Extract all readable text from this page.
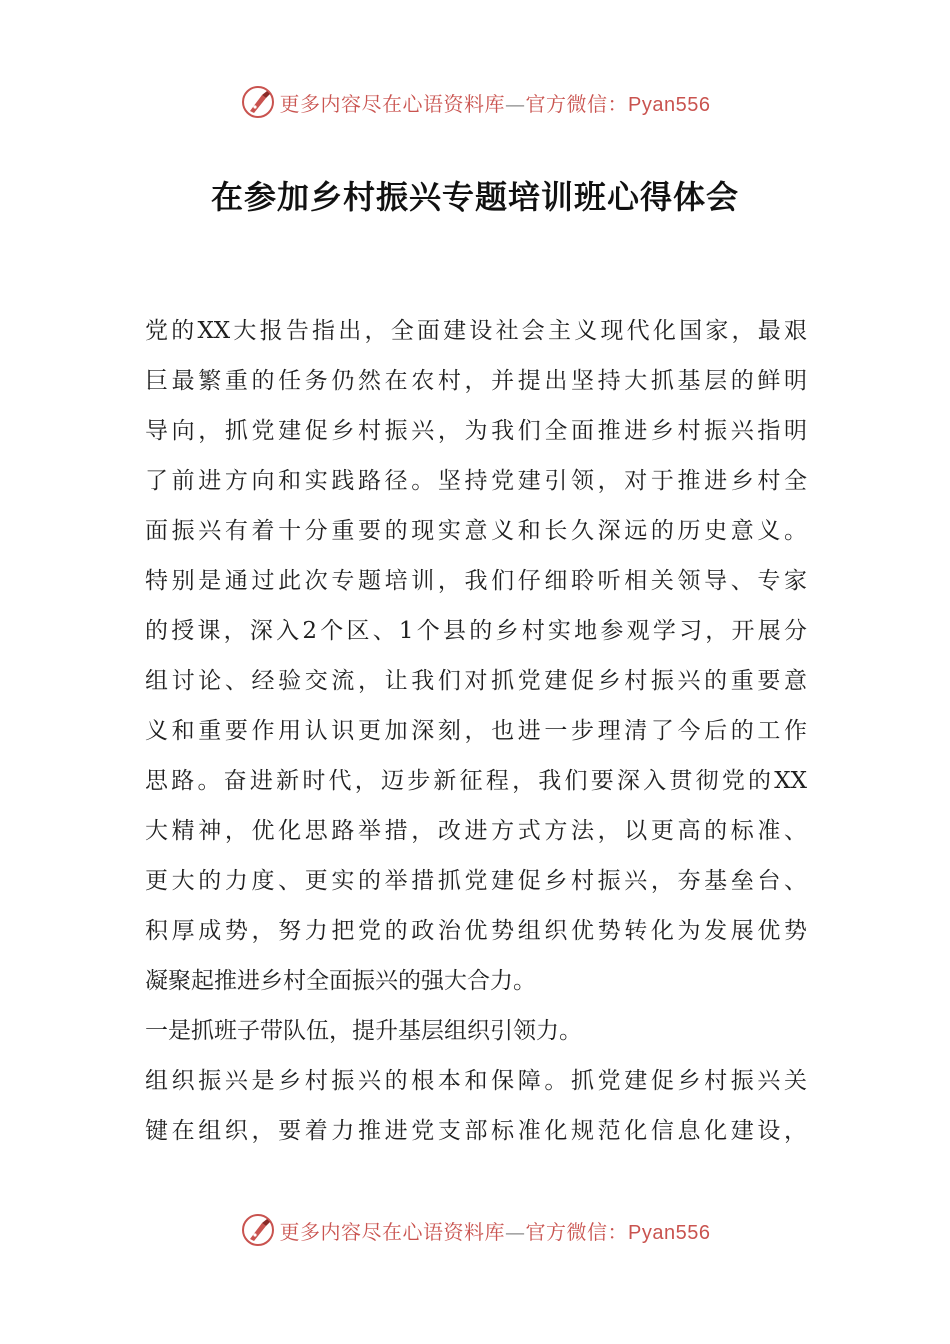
更多内容尽在心语资料库—官方微信：Pyan556
在参加乡村振兴专题培训班心得体会
党的XX大报告指出，全面建设社会主义现代化国家，最艰
巨最繁重的任务仍然在农村，并提出坚持大抓基层的鲜明
导向，抓党建促乡村振兴，为我们全面推进乡村振兴指明
了前进方向和实践路径。坚持党建引领，对于推进乡村全
面振兴有着十分重要的现实意义和长久深远的历史意义。
特别是通过此次专题培训，我们仔细聆听相关领导、专家
的授课，深入2个区、1个县的乡村实地参观学习，开展分
组讨论、经验交流，让我们对抓党建促乡村振兴的重要意
义和重要作用认识更加深刻，也进一步理清了今后的工作
思路。奋进新时代，迈步新征程，我们要深入贯彻党的XX
大精神，优化思路举措，改进方式方法，以更高的标准、
更大的力度、更实的举措抓党建促乡村振兴，夯基垒台、
积厚成势，努力把党的政治优势组织优势转化为发展优势
凝聚起推进乡村全面振兴的强大合力。
一是抓班子带队伍，提升基层组织引领力。
组织振兴是乡村振兴的根本和保障。抓党建促乡村振兴关
键在组织，要着力推进党支部标准化规范化信息化建设，
更多内容尽在心语资料库—官方微信：Pyan556
